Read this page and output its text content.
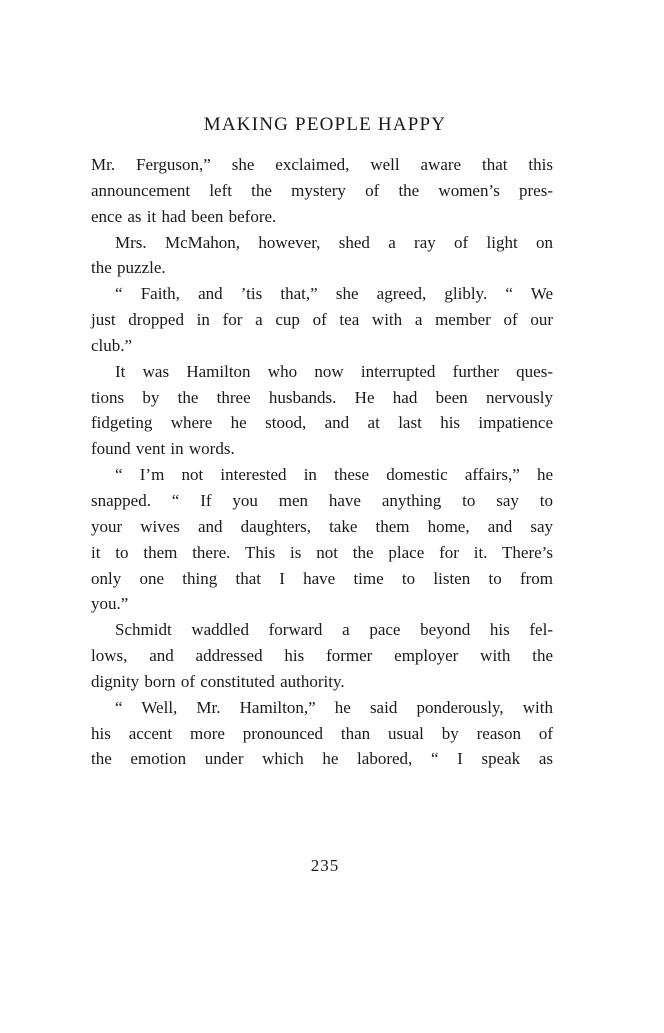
MAKING PEOPLE HAPPY
Mr. Ferguson,” she exclaimed, well aware that this
announcement left the mystery of the women’s pres-
ence as it had been before.
Mrs. McMahon, however, shed a ray of light on
the puzzle.
“ Faith, and ’tis that,” she agreed, glibly. “ We
just dropped in for a cup of tea with a member of our
club.”
It was Hamilton who now interrupted further ques-
tions by the three husbands. He had been nervously
fidgeting where he stood, and at last his impatience
found vent in words.
“ I’m not interested in these domestic affairs,” he
snapped. “ If you men have anything to say to
your wives and daughters, take them home, and say
it to them there. This is not the place for it. There’s
only one thing that I have time to listen to from
you.”
Schmidt waddled forward a pace beyond his fel-
lows, and addressed his former employer with the
dignity born of constituted authority.
“ Well, Mr. Hamilton,” he said ponderously, with
his accent more pronounced than usual by reason of
the emotion under which he labored, “ I speak as
235
